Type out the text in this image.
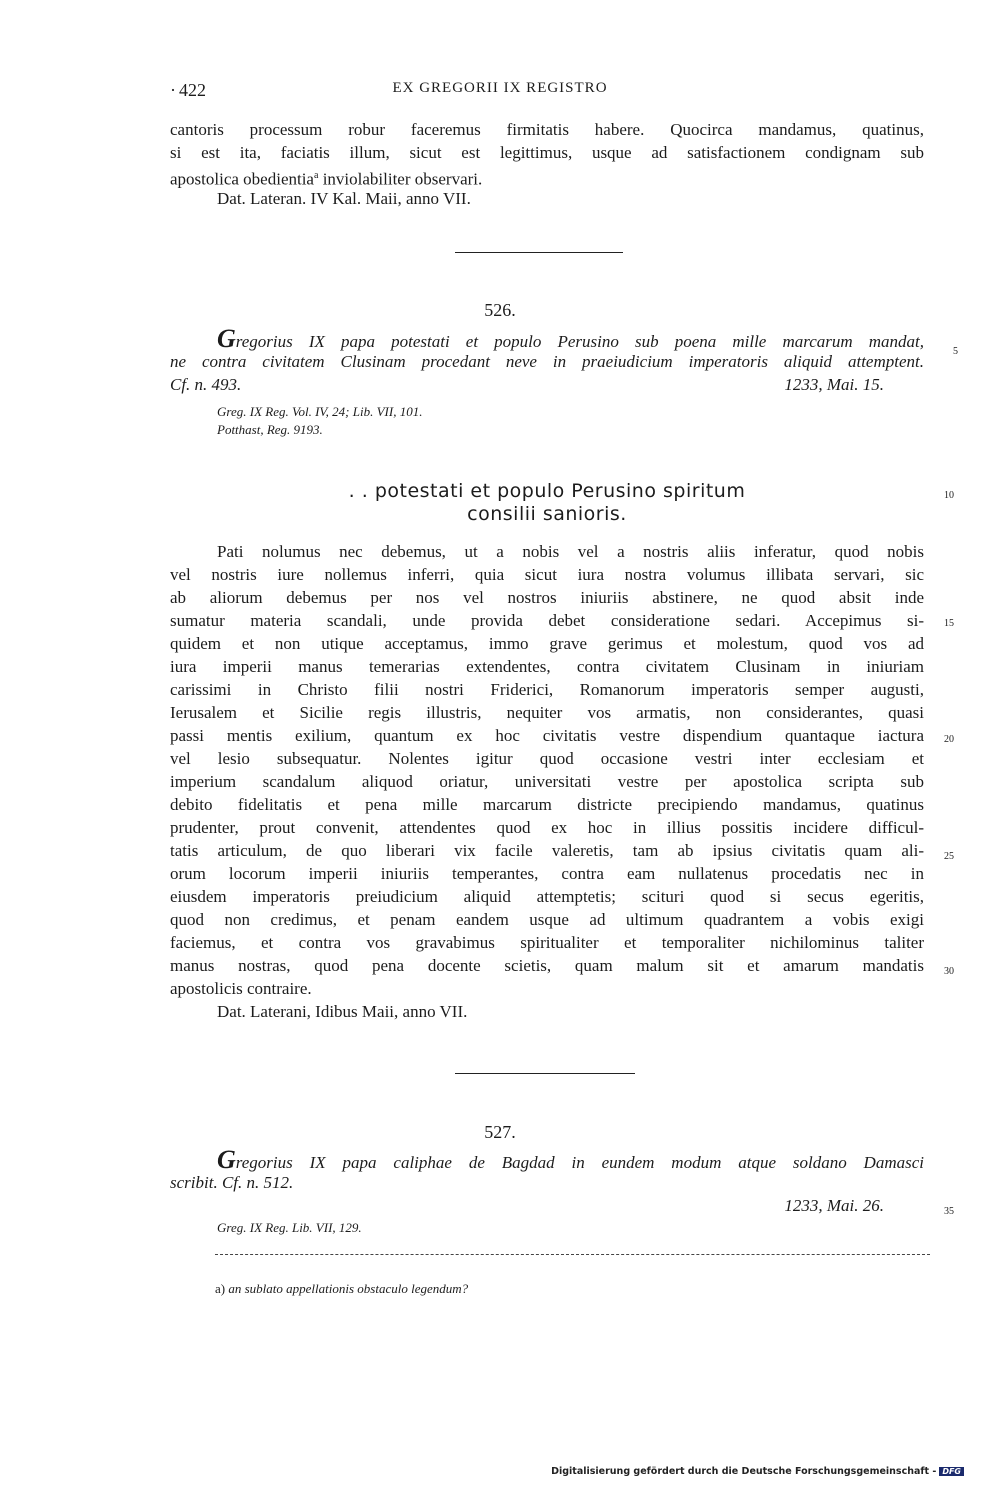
· 422	EX GREGORII IX REGISTRO
cantoris processum robur faceremus firmitatis habere. Quocirca mandamus, quatinus,
si est ita, faciatis illum, sicut est legittimus, usque ad satisfactionem condignam sub
apostolica obedientia$^a$ inviolabiliter observari.
Dat. Lateran. IV Kal. Maii, anno VII.
526.
Gregorius IX papa potestati et populo Perusino sub poena mille marcarum mandat,
ne contra civitatem Clusinam procedant neve in praeiudicium imperatoris aliquid attemptent.
Cf. n. 493.	1233, Mai. 15.
Greg. IX Reg. Vol. IV, 24; Lib. VII, 101.
Potthast, Reg. 9193.
. . potestati et populo Perusino spiritum
consilii sanioris.
Pati nolumus nec debemus, ut a nobis vel a nostris aliis inferatur, quod nobis
vel nostris iure nollemus inferri, quia sicut iura nostra volumus illibata servari, sic
ab aliorum debemus per nos vel nostros iniuriis abstinere, ne quod absit inde
sumatur materia scandali, unde provida debet consideratione sedari. Accepimus si-
quidem et non utique acceptamus, immo grave gerimus et molestum, quod vos ad
iura imperii manus temerarias extendentes, contra civitatem Clusinam in iniuriam
carissimi in Christo filii nostri Friderici, Romanorum imperatoris semper augusti,
Ierusalem et Sicilie regis illustris, nequiter vos armatis, non considerantes, quasi
passi mentis exilium, quantum ex hoc civitatis vestre dispendium quantaque iactura
vel lesio subsequatur. Nolentes igitur quod occasione vestri inter ecclesiam et
imperium scandalum aliquod oriatur, universitati vestre per apostolica scripta sub
debito fidelitatis et pena mille marcarum districte precipiendo mandamus, quatinus
prudenter, prout convenit, attendentes quod ex hoc in illius possitis incidere difficul-
tatis articulum, de quo liberari vix facile valeretis, tam ab ipsius civitatis quam ali-
orum locorum imperii iniuriis temperantes, contra eam nullatenus procedatis nec in
eiusdem imperatoris preiudicium aliquid attemptetis; scituri quod si secus egeritis,
quod non credimus, et penam eandem usque ad ultimum quadrantem a vobis exigi
faciemus, et contra vos gravabimus spiritualiter et temporaliter nichilominus taliter
manus nostras, quod pena docente scietis, quam malum sit et amarum mandatis
apostolicis contraire.
Dat. Laterani, Idibus Maii, anno VII.
527.
Gregorius IX papa caliphae de Bagdad in eundem modum atque soldano Damasci
scribit. Cf. n. 512.
1233, Mai. 26.
Greg. IX Reg. Lib. VII, 129.
a) an sublato appellationis obstaculo legendum?
5
10
15
20
25
30
35
Digitalisierung gefördert durch die Deutsche Forschungsgemeinschaft - DFG
